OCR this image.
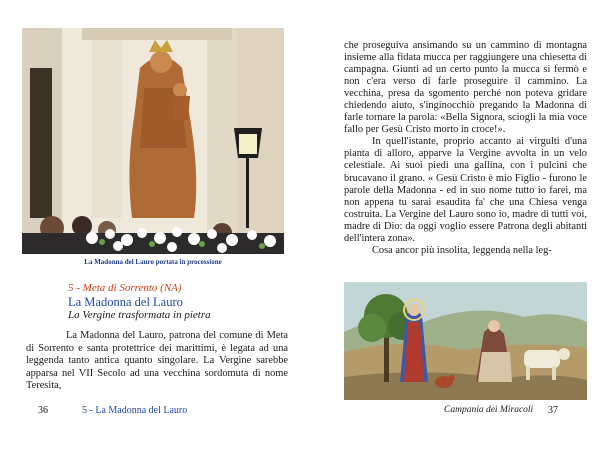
La Madonna del Lauro portata in processione
5 - Meta di Sorrento (NA)
La Madonna del Lauro
La Vergine trasformata in pietra

La Madonna del Lauro, patrona del comune di Meta di Sorrento e santa protettrice dei marittimi, è legata ad una leggenda tanto antica quanto singolare. La Vergine sarebbe apparsa nel VII Secolo ad una vecchina sordomuta di nome Teresita,

36	5 - La Madonna del Lauro

che proseguiva ansimando su un cammino di montagna insieme alla fidata mucca per raggiungere una chiesetta di campagna. Giunti ad un certo punto la mucca si fermò e non c'era verso di farle proseguire il cammino. La vecchina, presa da sgomento perché non poteva gridare chiedendo aiuto, s'inginocchiò pregando la Madonna di farle tornare la parola: «Bella Signora, sciogli la mia voce fallo per Gesù Cristo morto in croce!».

In quell'istante, proprio accanto ai virgulti d'una pianta di alloro, apparve la Vergine avvolta in un velo celestiale. Ai suoi piedi una gallina, con i pulcini che brucavano il grano. « Gesù Cristo è mio Figlio - furono le parole della Madonna - ed in suo nome tutto io farei, ma non appena tu sarai esaudita fa' che una Chiesa venga costruita. La Vergine del Lauro sono io, madre di tutti voi, madre di Dio: da oggi voglio essere Patrona degli abitanti dell'intera zona».

Cosa ancor più insolita, leggenda nella leg-

Campania dei Miracoli 37
